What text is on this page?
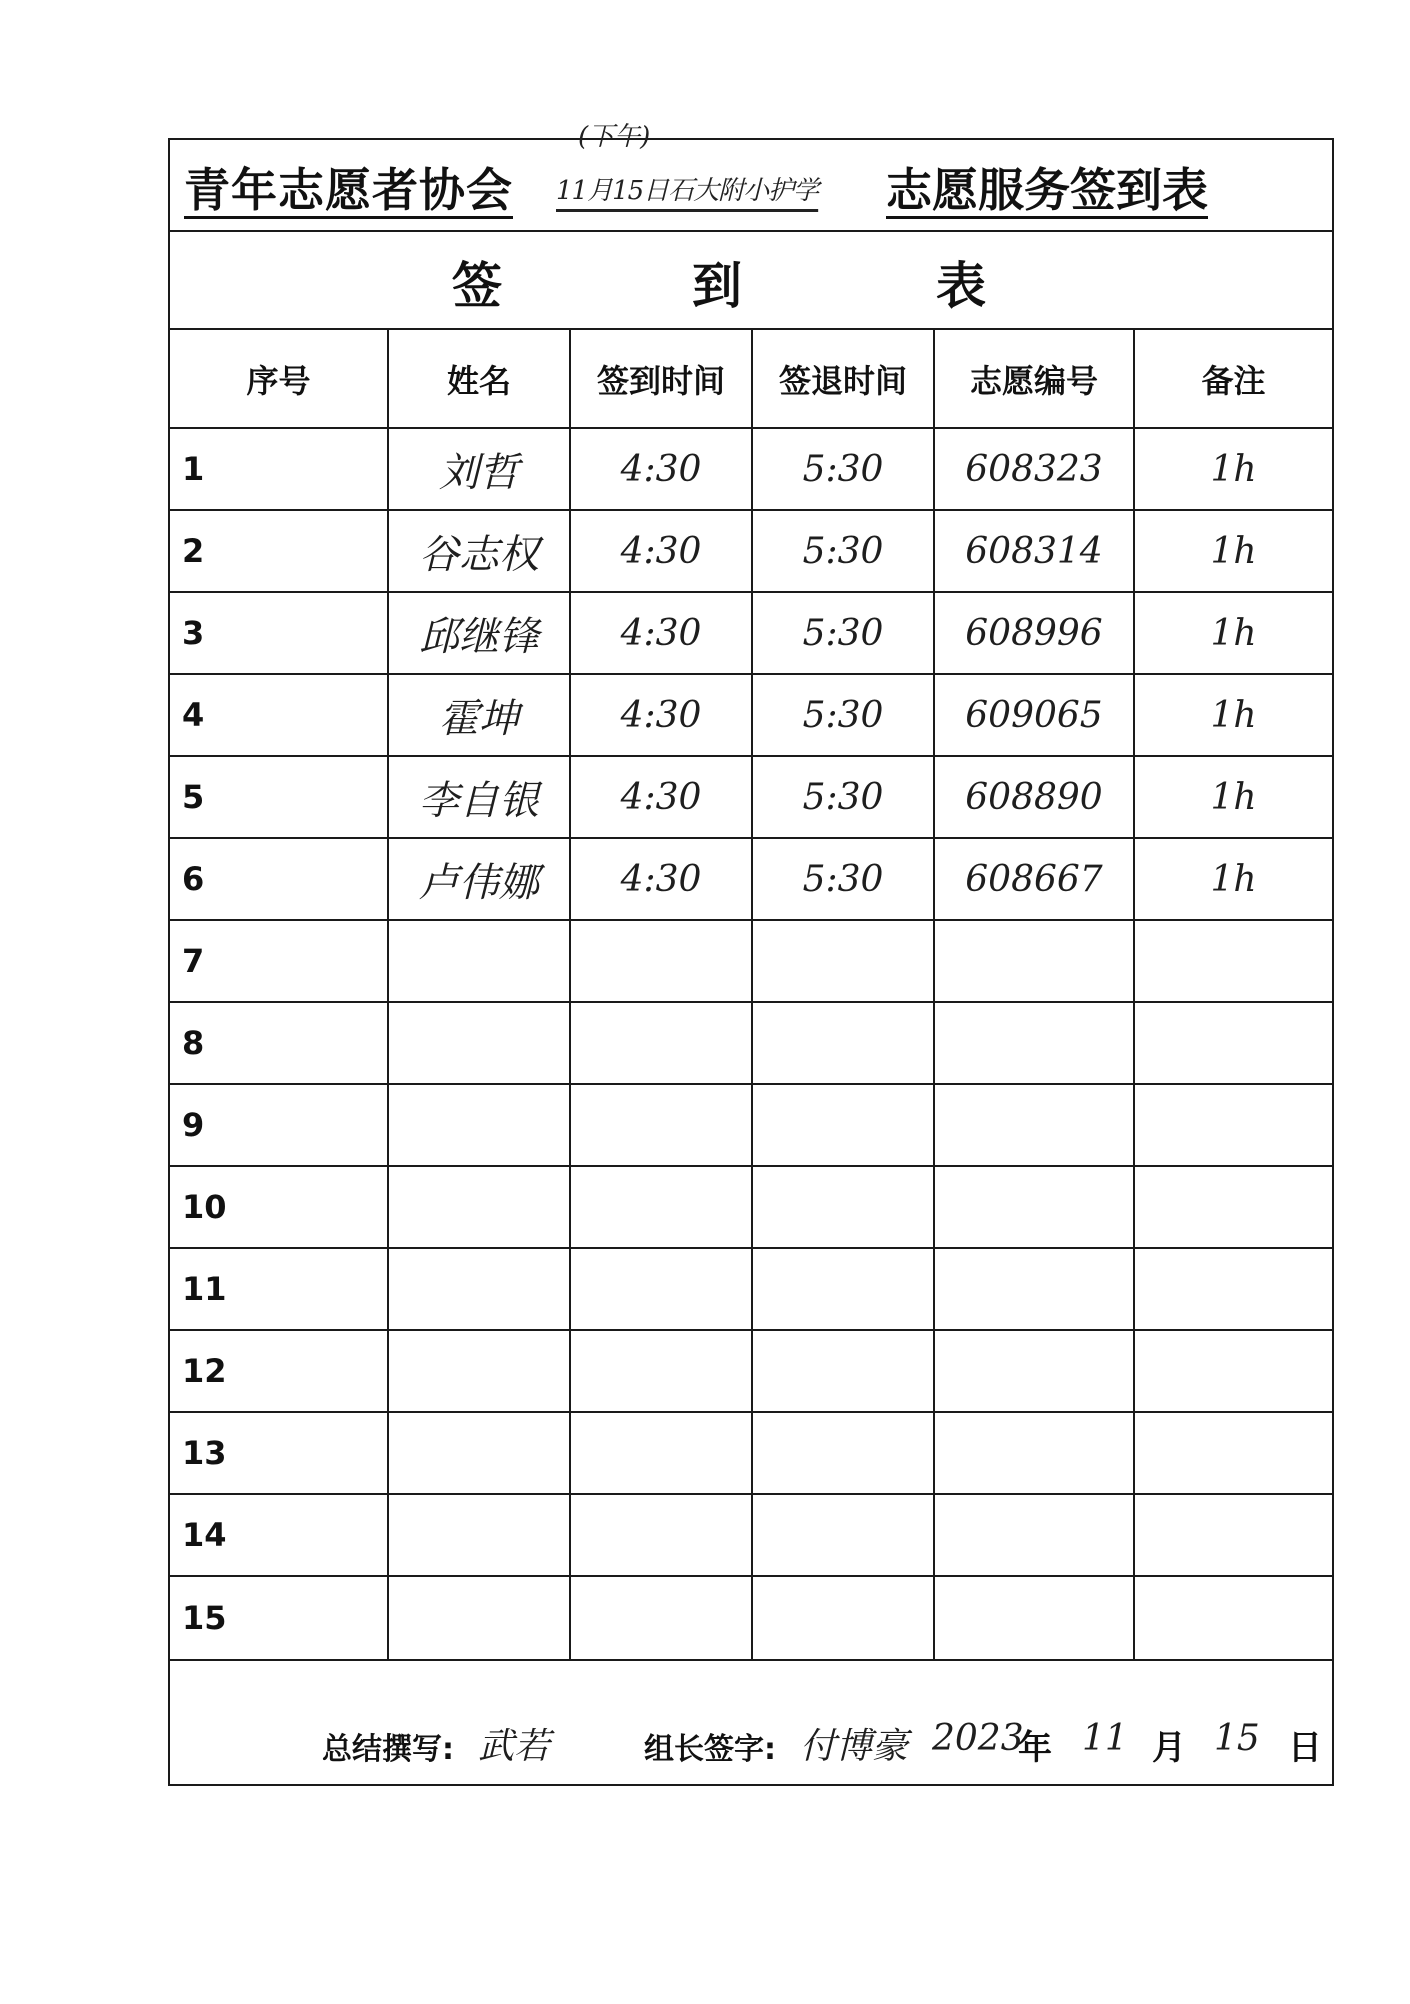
青年志愿者协会
(下午)
11月15日石大附小护学 志愿服务签到表
签	到	表
序号	姓名	签到时间	签退时间	志愿编号	备注
1	刘哲	4:30	5:30	608323	1h
2	谷志权	4:30	5:30	608314	1h
3	邱继锋	4:30	5:30	608996	1h
4	霍坤	4:30	5:30	609065	1h
5	李自银	4:30	5:30	608890	1h
6	卢伟娜	4:30	5:30	608667	1h
7					
8					
9					
10					
11					
12					
13					
14					
15					
总结撰写: 武若	组长签字: 付博豪 2023
年 11 月 15 日
